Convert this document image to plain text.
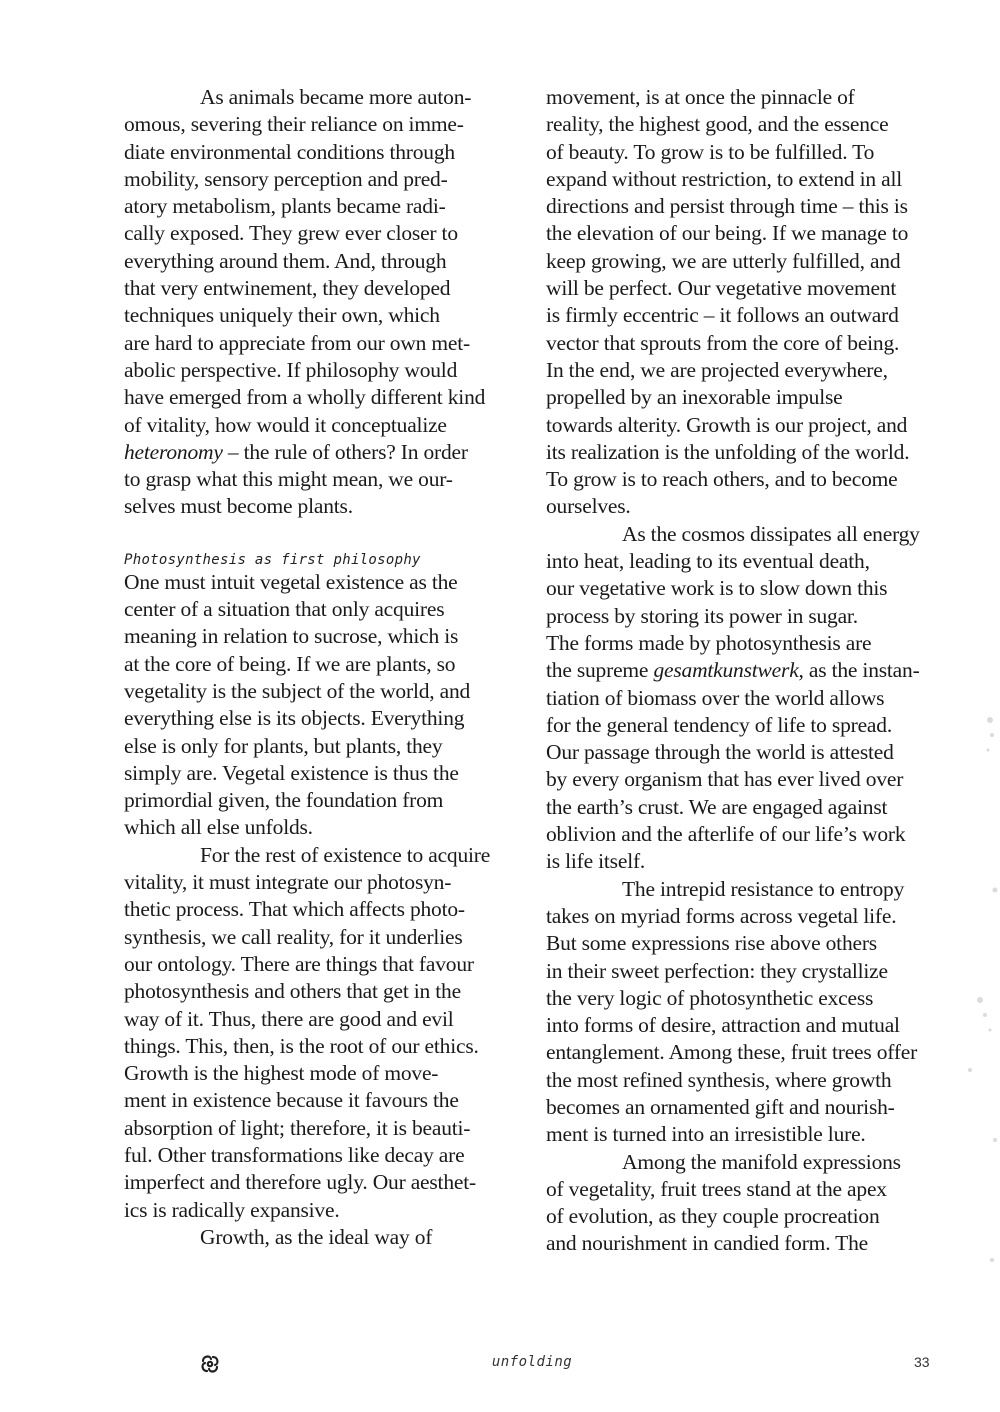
As animals became more auton-
omous, severing their reliance on imme-
diate environmental conditions through
mobility, sensory perception and pred-
atory metabolism, plants became radi-
cally exposed. They grew ever closer to
everything around them. And, through
that very entwinement, they developed
techniques uniquely their own, which
are hard to appreciate from our own met-
abolic perspective. If philosophy would
have emerged from a wholly different kind
of vitality, how would it conceptualize
heteronomy – the rule of others? In order
to grasp what this might mean, we our-
selves must become plants.

Photosynthesis as first philosophy

One must intuit vegetal existence as the
center of a situation that only acquires
meaning in relation to sucrose, which is
at the core of being. If we are plants, so
vegetality is the subject of the world, and
everything else is its objects. Everything
else is only for plants, but plants, they
simply are. Vegetal existence is thus the
primordial given, the foundation from
which all else unfolds.

For the rest of existence to acquire
vitality, it must integrate our photosyn-
thetic process. That which affects photo-
synthesis, we call reality, for it underlies
our ontology. There are things that favour
photosynthesis and others that get in the
way of it. Thus, there are good and evil
things. This, then, is the root of our ethics.
Growth is the highest mode of move-
ment in existence because it favours the
absorption of light; therefore, it is beauti-
ful. Other transformations like decay are
imperfect and therefore ugly. Our aesthet-
ics is radically expansive.

Growth, as the ideal way of

movement, is at once the pinnacle of
reality, the highest good, and the essence
of beauty. To grow is to be fulfilled. To
expand without restriction, to extend in all
directions and persist through time – this is
the elevation of our being. If we manage to
keep growing, we are utterly fulfilled, and
will be perfect. Our vegetative movement
is firmly eccentric – it follows an outward
vector that sprouts from the core of being.
In the end, we are projected everywhere,
propelled by an inexorable impulse
towards alterity. Growth is our project, and
its realization is the unfolding of the world.
To grow is to reach others, and to become
ourselves.

As the cosmos dissipates all energy
into heat, leading to its eventual death,
our vegetative work is to slow down this
process by storing its power in sugar.
The forms made by photosynthesis are
the supreme gesamtkunstwerk, as the instan-
tiation of biomass over the world allows
for the general tendency of life to spread.
Our passage through the world is attested
by every organism that has ever lived over
the earth’s crust. We are engaged against
oblivion and the afterlife of our life’s work
is life itself.

The intrepid resistance to entropy
takes on myriad forms across vegetal life.
But some expressions rise above others
in their sweet perfection: they crystallize
the very logic of photosynthetic excess
into forms of desire, attraction and mutual
entanglement. Among these, fruit trees offer
the most refined synthesis, where growth
becomes an ornamented gift and nourish-
ment is turned into an irresistible lure.

Among the manifold expressions
of vegetality, fruit trees stand at the apex
of evolution, as they couple procreation
and nourishment in candied form. The

unfolding	33
